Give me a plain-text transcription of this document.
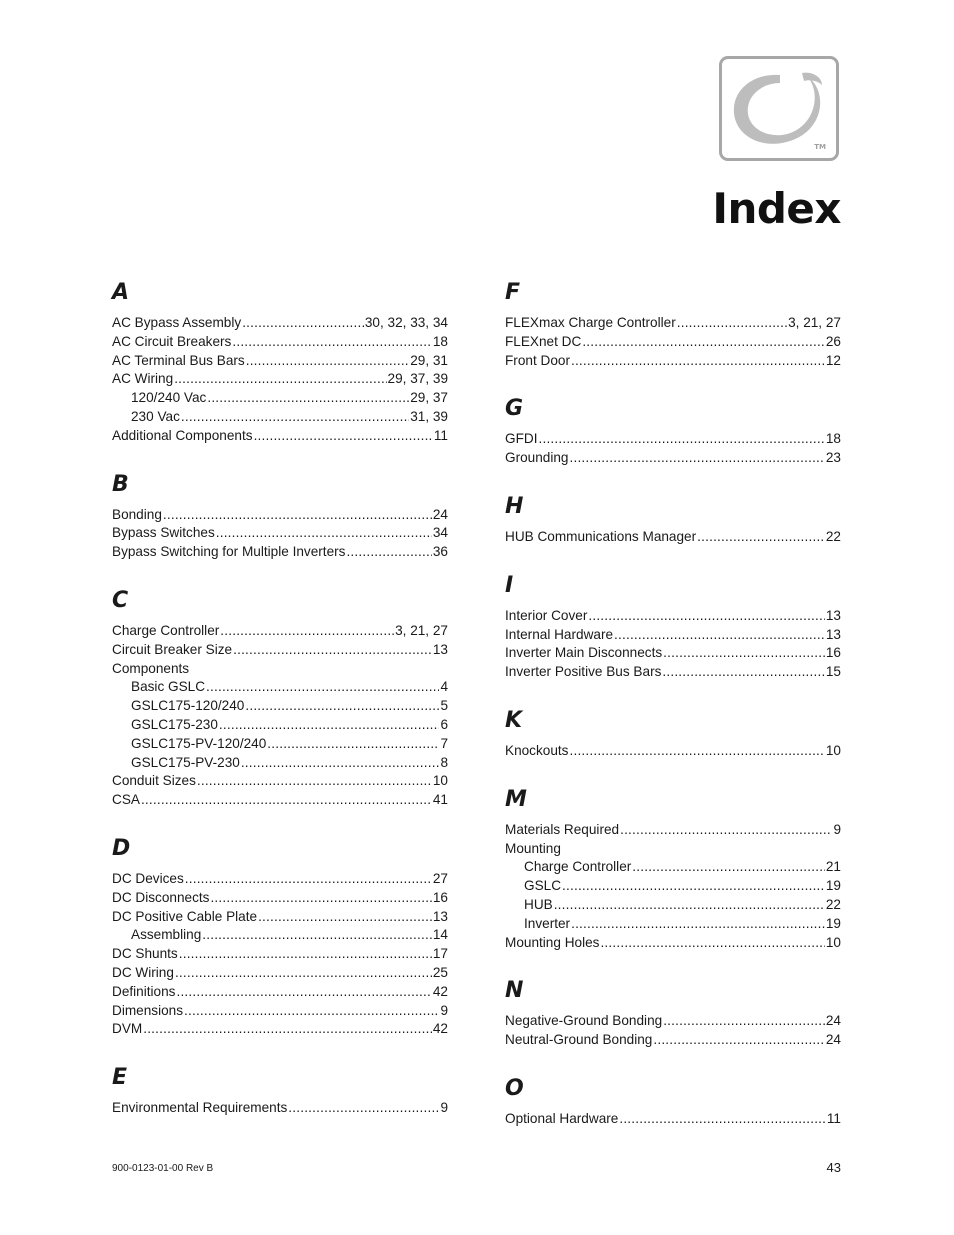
TM
Index
A
AC Bypass Assembly .....	30, 32, 33, 34
AC Circuit Breakers .....	18
AC Terminal Bus Bars .....	29, 31
AC Wiring .....	29, 37, 39
120/240 Vac .....	29, 37
230 Vac .....	31, 39
Additional Components .....	11
B
Bonding .....	24
Bypass Switches .....	34
Bypass Switching for Multiple Inverters .....	36
C
Charge Controller .....	3, 21, 27
Circuit Breaker Size .....	13
Components
Basic GSLC .....	4
GSLC175-120/240 .....	5
GSLC175-230 .....	6
GSLC175-PV-120/240 .....	7
GSLC175-PV-230 .....	8
Conduit Sizes .....	10
CSA .....	41
D
DC Devices .....	27
DC Disconnects .....	16
DC Positive Cable Plate .....	13
Assembling .....	14
DC Shunts .....	17
DC Wiring .....	25
Definitions .....	42
Dimensions .....	9
DVM .....	42
E
Environmental Requirements .....	9
F
FLEXmax Charge Controller .....	3, 21, 27
FLEXnet DC .....	26
Front Door .....	12
G
GFDI .....	18
Grounding .....	23
H
HUB Communications Manager .....	22
I
Interior Cover .....	13
Internal Hardware .....	13
Inverter Main Disconnects .....	16
Inverter Positive Bus Bars .....	15
K
Knockouts .....	10
M
Materials Required .....	9
Mounting
Charge Controller .....	21
GSLC .....	19
HUB .....	22
Inverter .....	19
Mounting Holes .....	10
N
Negative-Ground Bonding .....	24
Neutral-Ground Bonding .....	24
O
Optional Hardware .....	11
900-0123-01-00 Rev B	43
